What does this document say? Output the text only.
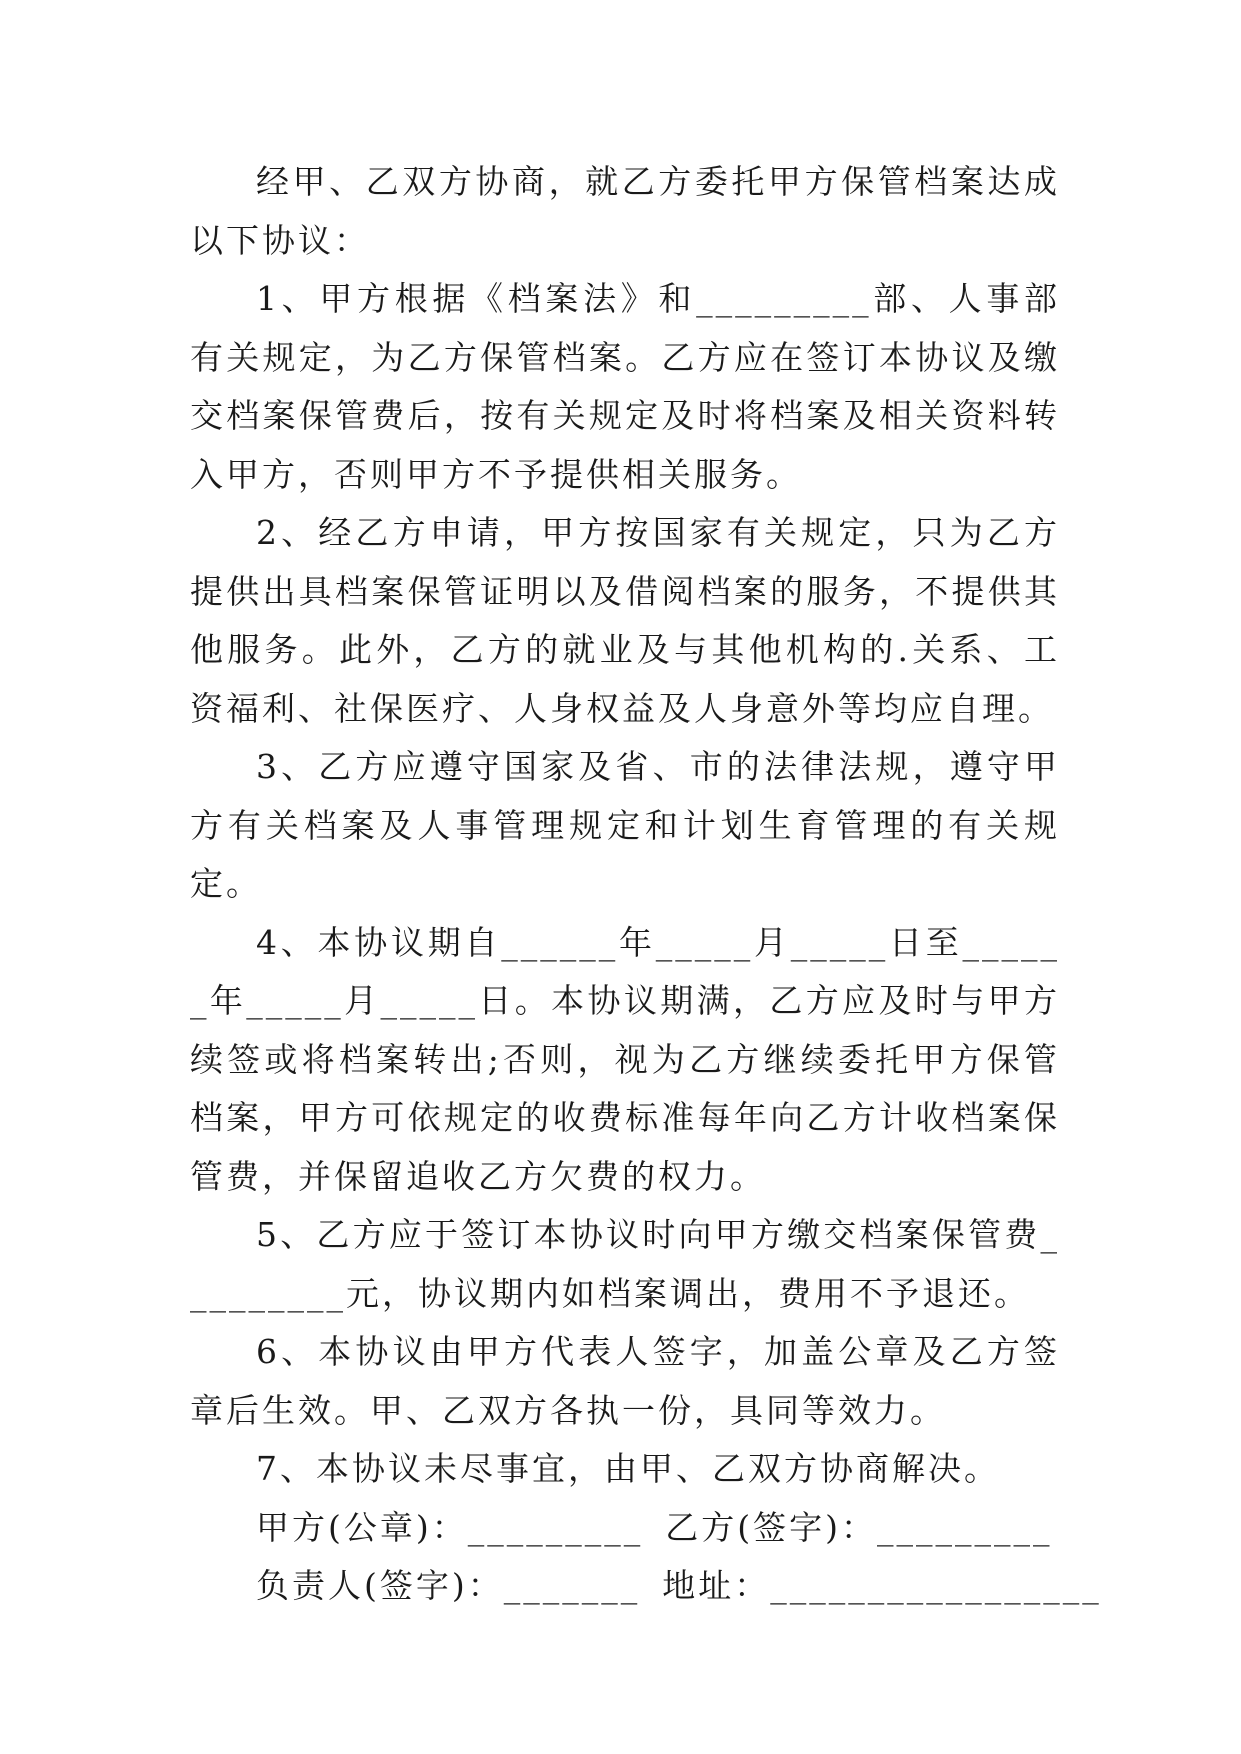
经甲、乙双方协商，就乙方委托甲方保管档案达成以下协议：

1、甲方根据《档案法》和_________部、人事部有关规定，为乙方保管档案。乙方应在签订本协议及缴交档案保管费后，按有关规定及时将档案及相关资料转入甲方，否则甲方不予提供相关服务。

2、经乙方申请，甲方按国家有关规定，只为乙方提供出具档案保管证明以及借阅档案的服务，不提供其他服务。此外，乙方的就业及与其他机构的.关系、工资福利、社保医疗、人身权益及人身意外等均应自理。

3、乙方应遵守国家及省、市的法律法规，遵守甲方有关档案及人事管理规定和计划生育管理的有关规定。

4、本协议期自______年_____月_____日至______年_____月_____日。本协议期满，乙方应及时与甲方续签或将档案转出;否则，视为乙方继续委托甲方保管档案，甲方可依规定的收费标准每年向乙方计收档案保管费，并保留追收乙方欠费的权力。

5、乙方应于签订本协议时向甲方缴交档案保管费_________元，协议期内如档案调出，费用不予退还。

6、本协议由甲方代表人签字，加盖公章及乙方签章后生效。甲、乙双方各执一份，具同等效力。

7、本协议未尽事宜，由甲、乙双方协商解决。

甲方(公章)：_________ 乙方(签字)：_________

负责人(签字)：_______ 地址：_________________
